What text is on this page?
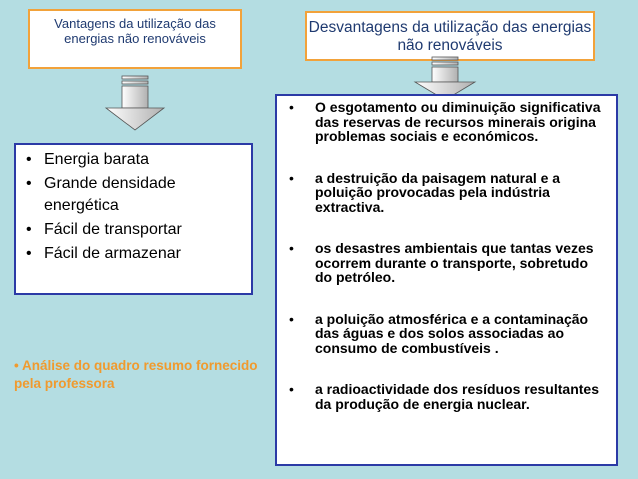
Vantagens da utilização das energias não renováveis
Desvantagens da utilização das energias não renováveis
• Energia barata
• Grande densidade energética
• Fácil de transportar
• Fácil de armazenar
• O esgotamento ou diminuição significativa das reservas de recursos minerais origina problemas sociais e económicos.
• a destruição da paisagem natural e a poluição provocadas pela indústria extractiva.
• os desastres ambientais que tantas vezes ocorrem durante o transporte, sobretudo do petróleo.
• a poluição atmosférica e a contaminação das águas e dos solos associadas ao consumo de combustíveis .
• a radioactividade dos resíduos resultantes da produção de energia nuclear.
• Análise do quadro resumo fornecido pela professora
